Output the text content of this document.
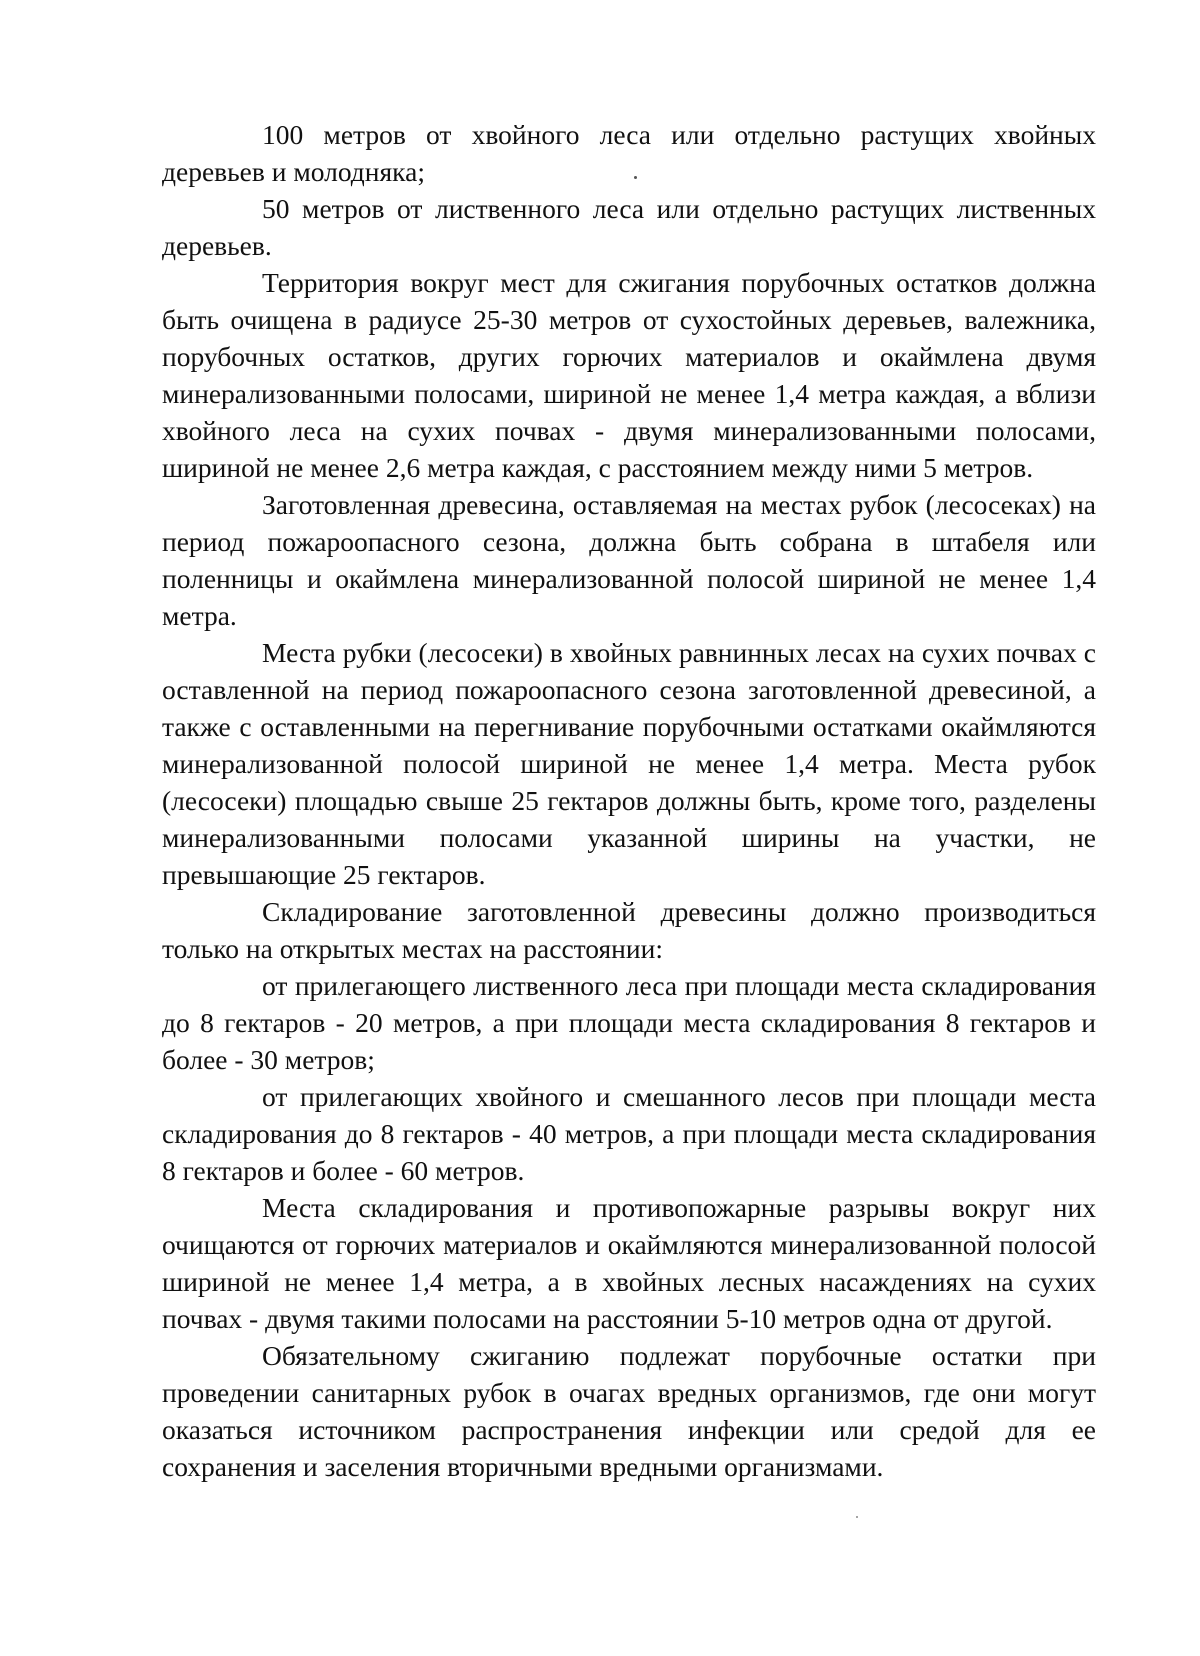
100 метров от хвойного леса или отдельно растущих хвойных деревьев и молодняка;

50 метров от лиственного леса или отдельно растущих лиственных деревьев.

Территория вокруг мест для сжигания порубочных остатков должна быть очищена в радиусе 25-30 метров от сухостойных деревьев, валежника, порубочных остатков, других горючих материалов и окаймлена двумя минерализованными полосами, шириной не менее 1,4 метра каждая, а вблизи хвойного леса на сухих почвах - двумя минерализованными полосами, шириной не менее 2,6 метра каждая, с расстоянием между ними 5 метров.

Заготовленная древесина, оставляемая на местах рубок (лесосеках) на период пожароопасного сезона, должна быть собрана в штабеля или поленницы и окаймлена минерализованной полосой шириной не менее 1,4 метра.

Места рубки (лесосеки) в хвойных равнинных лесах на сухих почвах с оставленной на период пожароопасного сезона заготовленной древесиной, а также с оставленными на перегнивание порубочными остатками окаймляются минерализованной полосой шириной не менее 1,4 метра. Места рубок (лесосеки) площадью свыше 25 гектаров должны быть, кроме того, разделены минерализованными полосами указанной ширины на участки, не превышающие 25 гектаров.

Складирование заготовленной древесины должно производиться только на открытых местах на расстоянии:

от прилегающего лиственного леса при площади места складирования до 8 гектаров - 20 метров, а при площади места складирования 8 гектаров и более - 30 метров;

от прилегающих хвойного и смешанного лесов при площади места складирования до 8 гектаров - 40 метров, а при площади места складирования 8 гектаров и более - 60 метров.

Места складирования и противопожарные разрывы вокруг них очищаются от горючих материалов и окаймляются минерализованной полосой шириной не менее 1,4 метра, а в хвойных лесных насаждениях на сухих почвах - двумя такими полосами на расстоянии 5-10 метров одна от другой.

Обязательному сжиганию подлежат порубочные остатки при проведении санитарных рубок в очагах вредных организмов, где они могут оказаться источником распространения инфекции или средой для ее сохранения и заселения вторичными вредными организмами.
